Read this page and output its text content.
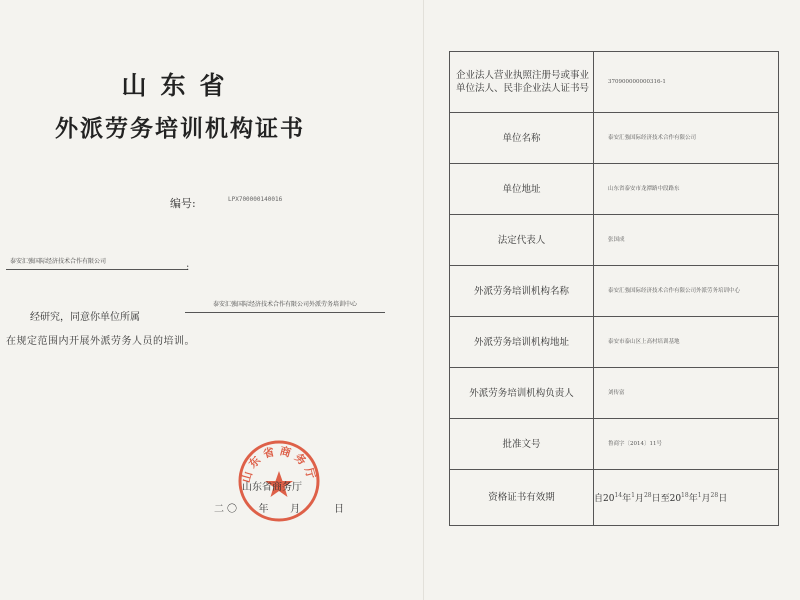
山东省
外派劳务培训机构证书
编号:	LPX700000140016
泰安汇強国际经济技术合作有限公司
:
经研究，同意你单位所属
泰安汇強国际经济技术合作有限公司外派劳务培训中心
在规定范围内开展外派劳务人员的培训。
山东省商务厅
山东省商务厅
二〇 年 月	日
企业法人营业执照注册号或事业单位法人、民非企业法人证书号	370900000000316-1
单位名称	泰安汇強国际经济技术合作有限公司
单位地址	山东省泰安市龙潭路中段路东
法定代表人	张国成
外派劳务培训机构名称	泰安汇強国际经济技术合作有限公司外派劳务培训中心
外派劳务培训机构地址	泰安市泰山区上高村培训基地
外派劳务培训机构负责人	刘传富
批准文号	鲁商字〔2014〕11号
资格证书有效期	自$20^{14}$年$^1$月$^{28}$日至$20^{18}$年$^1$月$^{28}$日
